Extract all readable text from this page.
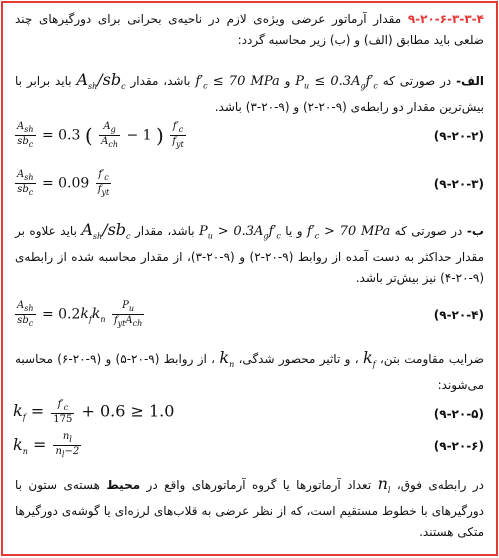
۹-۲۰-۶-۳-۳-۴ مقدار آرماتور عرضی ویژه‌ی لازم در ناحیه‌ی بحرانی برای دورگیرهای چند ضلعی باید مطابق (الف) و (ب) زیر محاسبه گردد:
الف- در صورتی که $P_u \le 0.3A_gf'_c$ و $f'_c \le 70$ MPa باشد، مقدار $A_{sh}/sb_c$ باید برابر با بیش‌ترین مقدار دو رابطه‌ی (۹-۲۰-۲) و (۹-۲۰-۳) باشد.
$\frac{A_{sh}}{sb_c} = 0.3$ ( $\frac{A_g}{A_{ch}} - 1$ ) $\frac{f'_c}{f_{yt}}$	(۹-۲۰-۲)
$\frac{A_{sh}}{sb_c} = 0.09 \frac{f'_c}{f_{yt}}$	(۹-۲۰-۳)
ب- در صورتی که $f'_c > 70$ MPa و یا $P_u > 0.3A_gf'_c$ باشد، مقدار $A_{sh}/sb_c$ باید علاوه بر مقدار حداکثر به دست آمده از روابط (۹-۲۰-۲) و (۹-۲۰-۳)، از مقدار محاسبه شده از رابطه‌ی (۹-۲۰-۴) نیز بیش‌تر باشد.
$\frac{A_{sh}}{sb_c} = 0.2k_fk_n \frac{P_u}{f_{yt}A_{ch}}$	(۹-۲۰-۴)
ضرایب مقاومت بتن، $k_f$ ، و تاثیر محصور شدگی، $k_n$ ، از روابط (۹-۲۰-۵) و (۹-۲۰-۶) محاسبه می‌شوند:
$k_f = \frac{f'_c}{175} + 0.6 \ge 1.0$	(۹-۲۰-۵)
$k_n = \frac{n_l}{n_l-2}$	(۹-۲۰-۶)
در رابطه‌ی فوق، $n_l$ تعداد آرماتورها یا گروه آرماتورهای واقع در محیط هسته‌ی ستون با دورگیرهای با خطوط مستقیم است، که از نظر عرضی به قلاب‌های لرزه‌ای یا گوشه‌ی دورگیرها متکی هستند.
